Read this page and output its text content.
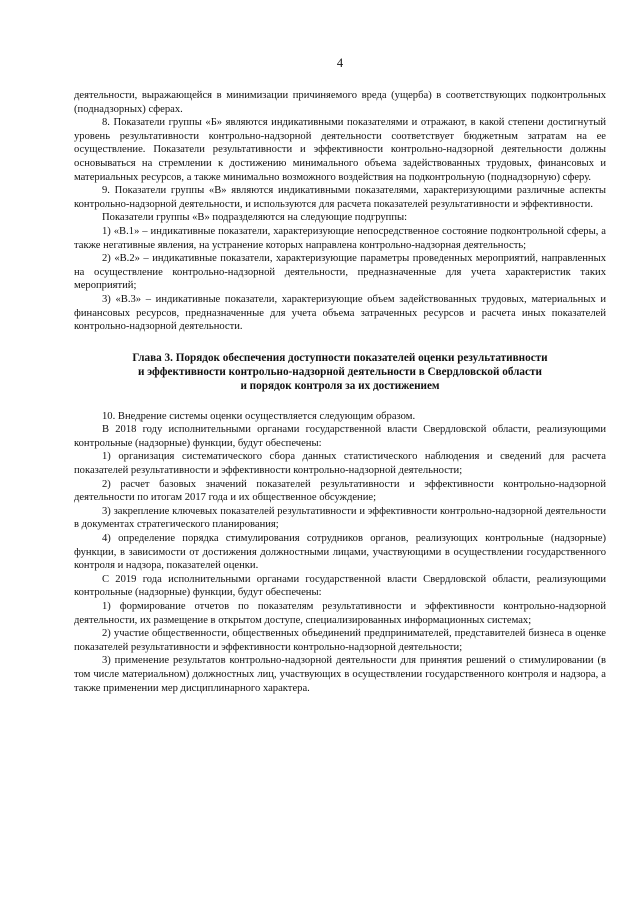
4

деятельности, выражающейся в минимизации причиняемого вреда (ущерба) в соответствующих подконтрольных (поднадзорных) сферах.

8. Показатели группы «Б» являются индикативными показателями и отражают, в какой степени достигнутый уровень результативности контрольно-надзорной деятельности соответствует бюджетным затратам на ее осуществление. Показатели результативности и эффективности контрольно-надзорной деятельности должны основываться на стремлении к достижению минимального объема задействованных трудовых, финансовых и материальных ресурсов, а также минимально возможного воздействия на подконтрольную (поднадзорную) сферу.

9. Показатели группы «В» являются индикативными показателями, характеризующими различные аспекты контрольно-надзорной деятельности, и используются для расчета показателей результативности и эффективности.

Показатели группы «В» подразделяются на следующие подгруппы:

1) «В.1» – индикативные показатели, характеризующие непосредственное состояние подконтрольной сферы, а также негативные явления, на устранение которых направлена контрольно-надзорная деятельность;

2) «В.2» – индикативные показатели, характеризующие параметры проведенных мероприятий, направленных на осуществление контрольно-надзорной деятельности, предназначенные для учета характеристик таких мероприятий;

3) «В.3» – индикативные показатели, характеризующие объем задействованных трудовых, материальных и финансовых ресурсов, предназначенные для учета объема затраченных ресурсов и расчета иных показателей контрольно-надзорной деятельности.

Глава 3. Порядок обеспечения доступности показателей оценки результативности
и эффективности контрольно-надзорной деятельности в Свердловской области
и порядок контроля за их достижением

10. Внедрение системы оценки осуществляется следующим образом.

В 2018 году исполнительными органами государственной власти Свердловской области, реализующими контрольные (надзорные) функции, будут обеспечены:

1) организация систематического сбора данных статистического наблюдения и сведений для расчета показателей результативности и эффективности контрольно-надзорной деятельности;

2) расчет базовых значений показателей результативности и эффективности контрольно-надзорной деятельности по итогам 2017 года и их общественное обсуждение;

3) закрепление ключевых показателей результативности и эффективности контрольно-надзорной деятельности в документах стратегического планирования;

4) определение порядка стимулирования сотрудников органов, реализующих контрольные (надзорные) функции, в зависимости от достижения должностными лицами, участвующими в осуществлении государственного контроля и надзора, показателей оценки.

С 2019 года исполнительными органами государственной власти Свердловской области, реализующими контрольные (надзорные) функции, будут обеспечены:

1) формирование отчетов по показателям результативности и эффективности контрольно-надзорной деятельности, их размещение в открытом доступе, специализированных информационных системах;

2) участие общественности, общественных объединений предпринимателей, представителей бизнеса в оценке показателей результативности и эффективности контрольно-надзорной деятельности;

3) применение результатов контрольно-надзорной деятельности для принятия решений о стимулировании (в том числе материальном) должностных лиц, участвующих в осуществлении государственного контроля и надзора, а также применении мер дисциплинарного характера.
